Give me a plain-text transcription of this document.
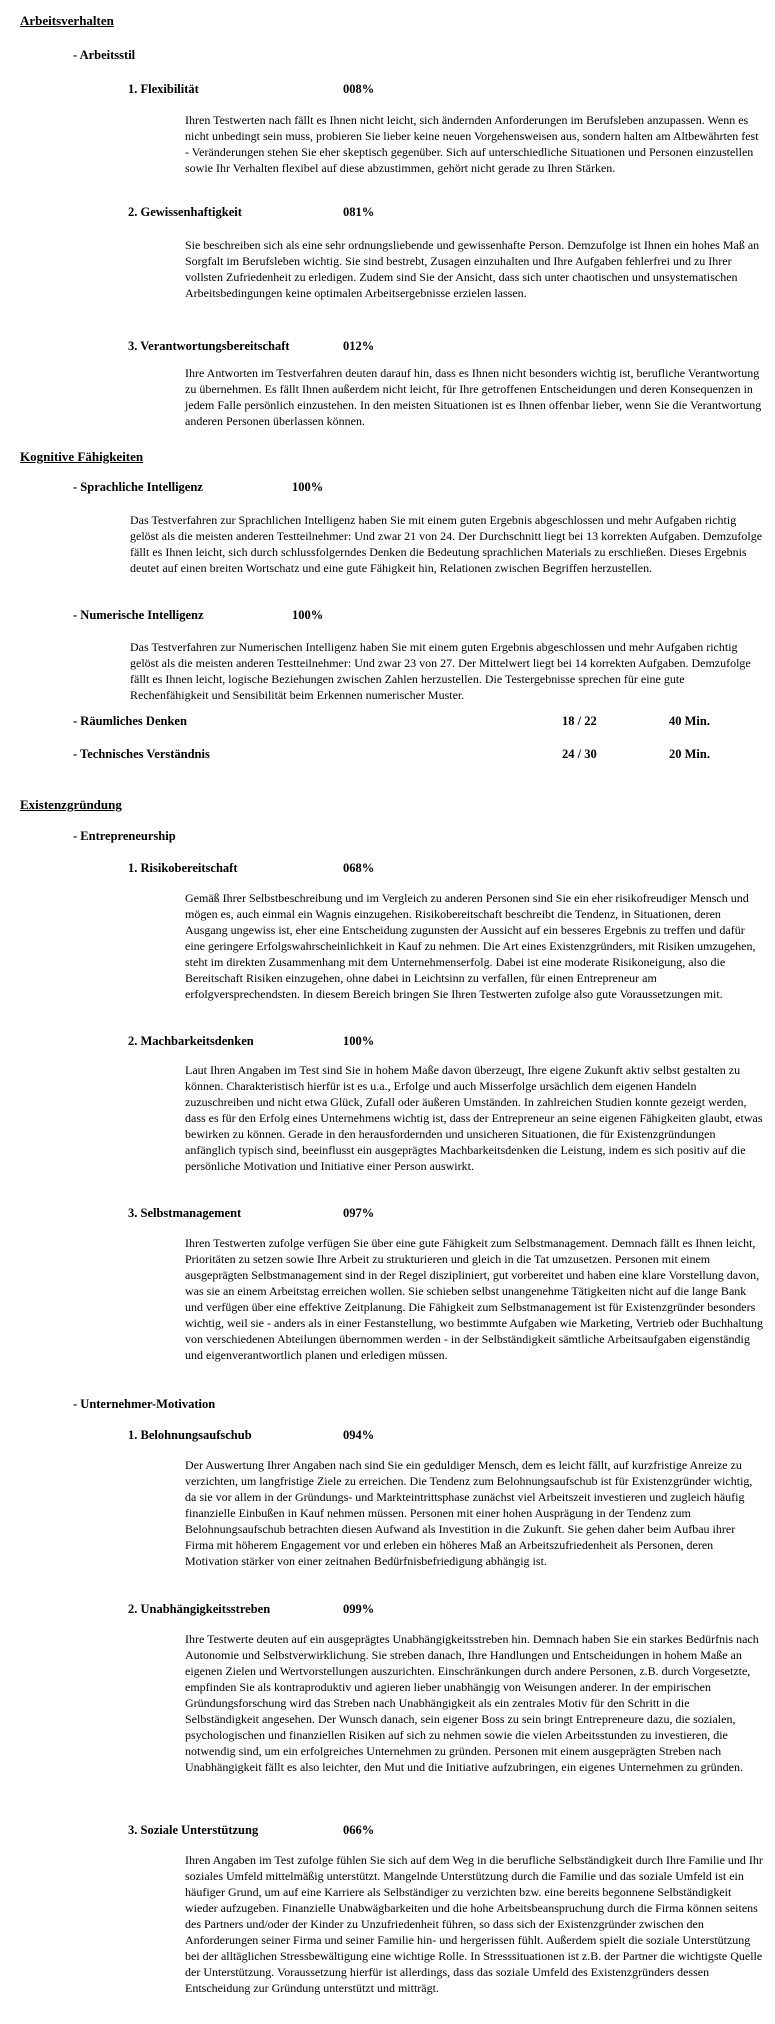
Arbeitsverhalten
- Arbeitsstil
1. Flexibilität	008%
Ihren Testwerten nach fällt es Ihnen nicht leicht, sich ändernden Anforderungen im Berufsleben anzupassen. Wenn es nicht unbedingt sein muss, probieren Sie lieber keine neuen Vorgehensweisen aus, sondern halten am Altbewährten fest - Veränderungen stehen Sie eher skeptisch gegenüber. Sich auf unterschiedliche Situationen und Personen einzustellen sowie Ihr Verhalten flexibel auf diese abzustimmen, gehört nicht gerade zu Ihren Stärken.
2. Gewissenhaftigkeit	081%
Sie beschreiben sich als eine sehr ordnungsliebende und gewissenhafte Person. Demzufolge ist Ihnen ein hohes Maß an Sorgfalt im Berufsleben wichtig. Sie sind bestrebt, Zusagen einzuhalten und Ihre Aufgaben fehlerfrei und zu Ihrer vollsten Zufriedenheit zu erledigen. Zudem sind Sie der Ansicht, dass sich unter chaotischen und unsystematischen Arbeitsbedingungen keine optimalen Arbeitsergebnisse erzielen lassen.
3. Verantwortungsbereitschaft	012%
Ihre Antworten im Testverfahren deuten darauf hin, dass es Ihnen nicht besonders wichtig ist, berufliche Verantwortung zu übernehmen. Es fällt Ihnen außerdem nicht leicht, für Ihre getroffenen Entscheidungen und deren Konsequenzen in jedem Falle persönlich einzustehen. In den meisten Situationen ist es Ihnen offenbar lieber, wenn Sie die Verantwortung anderen Personen überlassen können.
Kognitive Fähigkeiten
- Sprachliche Intelligenz	100%
Das Testverfahren zur Sprachlichen Intelligenz haben Sie mit einem guten Ergebnis abgeschlossen und mehr Aufgaben richtig gelöst als die meisten anderen Testteilnehmer: Und zwar 21 von 24. Der Durchschnitt liegt bei 13 korrekten Aufgaben. Demzufolge fällt es Ihnen leicht, sich durch schlussfolgerndes Denken die Bedeutung sprachlichen Materials zu erschließen. Dieses Ergebnis deutet auf einen breiten Wortschatz und eine gute Fähigkeit hin, Relationen zwischen Begriffen herzustellen.
- Numerische Intelligenz	100%
Das Testverfahren zur Numerischen Intelligenz haben Sie mit einem guten Ergebnis abgeschlossen und mehr Aufgaben richtig gelöst als die meisten anderen Testteilnehmer: Und zwar 23 von 27. Der Mittelwert liegt bei 14 korrekten Aufgaben. Demzufolge fällt es Ihnen leicht, logische Beziehungen zwischen Zahlen herzustellen. Die Testergebnisse sprechen für eine gute Rechenfähigkeit und Sensibilität beim Erkennen numerischer Muster.
- Räumliches Denken	18 / 22	40 Min.
- Technisches Verständnis	24 / 30	20 Min.
Existenzgründung
- Entrepreneurship
1. Risikobereitschaft	068%
Gemäß Ihrer Selbstbeschreibung und im Vergleich zu anderen Personen sind Sie ein eher risikofreudiger Mensch und mögen es, auch einmal ein Wagnis einzugehen. Risikobereitschaft beschreibt die Tendenz, in Situationen, deren Ausgang ungewiss ist, eher eine Entscheidung zugunsten der Aussicht auf ein besseres Ergebnis zu treffen und dafür eine geringere Erfolgswahrscheinlichkeit in Kauf zu nehmen. Die Art eines Existenzgründers, mit Risiken umzugehen, steht im direkten Zusammenhang mit dem Unternehmenserfolg. Dabei ist eine moderate Risikoneigung, also die Bereitschaft Risiken einzugehen, ohne dabei in Leichtsinn zu verfallen, für einen Entrepreneur am erfolgversprechendsten. In diesem Bereich bringen Sie Ihren Testwerten zufolge also gute Voraussetzungen mit.
2. Machbarkeitsdenken	100%
Laut Ihren Angaben im Test sind Sie in hohem Maße davon überzeugt, Ihre eigene Zukunft aktiv selbst gestalten zu können. Charakteristisch hierfür ist es u.a., Erfolge und auch Misserfolge ursächlich dem eigenen Handeln zuzuschreiben und nicht etwa Glück, Zufall oder äußeren Umständen. In zahlreichen Studien konnte gezeigt werden, dass es für den Erfolg eines Unternehmens wichtig ist, dass der Entrepreneur an seine eigenen Fähigkeiten glaubt, etwas bewirken zu können. Gerade in den herausfordernden und unsicheren Situationen, die für Existenzgründungen anfänglich typisch sind, beeinflusst ein ausgeprägtes Machbarkeitsdenken die Leistung, indem es sich positiv auf die persönliche Motivation und Initiative einer Person auswirkt.
3. Selbstmanagement	097%
Ihren Testwerten zufolge verfügen Sie über eine gute Fähigkeit zum Selbstmanagement. Demnach fällt es Ihnen leicht, Prioritäten zu setzen sowie Ihre Arbeit zu strukturieren und gleich in die Tat umzusetzen. Personen mit einem ausgeprägten Selbstmanagement sind in der Regel diszipliniert, gut vorbereitet und haben eine klare Vorstellung davon, was sie an einem Arbeitstag erreichen wollen. Sie schieben selbst unangenehme Tätigkeiten nicht auf die lange Bank und verfügen über eine effektive Zeitplanung. Die Fähigkeit zum Selbstmanagement ist für Existenzgründer besonders wichtig, weil sie - anders als in einer Festanstellung, wo bestimmte Aufgaben wie Marketing, Vertrieb oder Buchhaltung von verschiedenen Abteilungen übernommen werden - in der Selbständigkeit sämtliche Arbeitsaufgaben eigenständig und eigenverantwortlich planen und erledigen müssen.
- Unternehmer-Motivation
1. Belohnungsaufschub	094%
Der Auswertung Ihrer Angaben nach sind Sie ein geduldiger Mensch, dem es leicht fällt, auf kurzfristige Anreize zu verzichten, um langfristige Ziele zu erreichen. Die Tendenz zum Belohnungsaufschub ist für Existenzgründer wichtig, da sie vor allem in der Gründungs- und Markteintrittsphase zunächst viel Arbeitszeit investieren und zugleich häufig finanzielle Einbußen in Kauf nehmen müssen. Personen mit einer hohen Ausprägung in der Tendenz zum Belohnungsaufschub betrachten diesen Aufwand als Investition in die Zukunft. Sie gehen daher beim Aufbau ihrer Firma mit höherem Engagement vor und erleben ein höheres Maß an Arbeitszufriedenheit als Personen, deren Motivation stärker von einer zeitnahen Bedürfnisbefriedigung abhängig ist.
2. Unabhängigkeitsstreben	099%
Ihre Testwerte deuten auf ein ausgeprägtes Unabhängigkeitsstreben hin. Demnach haben Sie ein starkes Bedürfnis nach Autonomie und Selbstverwirklichung. Sie streben danach, Ihre Handlungen und Entscheidungen in hohem Maße an eigenen Zielen und Wertvorstellungen auszurichten. Einschränkungen durch andere Personen, z.B. durch Vorgesetzte, empfinden Sie als kontraproduktiv und agieren lieber unabhängig von Weisungen anderer. In der empirischen Gründungsforschung wird das Streben nach Unabhängigkeit als ein zentrales Motiv für den Schritt in die Selbständigkeit angesehen. Der Wunsch danach, sein eigener Boss zu sein bringt Entrepreneure dazu, die sozialen, psychologischen und finanziellen Risiken auf sich zu nehmen sowie die vielen Arbeitsstunden zu investieren, die notwendig sind, um ein erfolgreiches Unternehmen zu gründen. Personen mit einem ausgeprägten Streben nach Unabhängigkeit fällt es also leichter, den Mut und die Initiative aufzubringen, ein eigenes Unternehmen zu gründen.
3. Soziale Unterstützung	066%
Ihren Angaben im Test zufolge fühlen Sie sich auf dem Weg in die berufliche Selbständigkeit durch Ihre Familie und Ihr soziales Umfeld mittelmäßig unterstützt. Mangelnde Unterstützung durch die Familie und das soziale Umfeld ist ein häufiger Grund, um auf eine Karriere als Selbständiger zu verzichten bzw. eine bereits begonnene Selbständigkeit wieder aufzugeben. Finanzielle Unabwägbarkeiten und die hohe Arbeitsbeanspruchung durch die Firma können seitens des Partners und/oder der Kinder zu Unzufriedenheit führen, so dass sich der Existenzgründer zwischen den Anforderungen seiner Firma und seiner Familie hin- und hergerissen fühlt. Außerdem spielt die soziale Unterstützung bei der alltäglichen Stressbewältigung eine wichtige Rolle. In Stresssituationen ist z.B. der Partner die wichtigste Quelle der Unterstützung. Voraussetzung hierfür ist allerdings, dass das soziale Umfeld des Existenzgründers dessen Entscheidung zur Gründung unterstützt und mitträgt.
